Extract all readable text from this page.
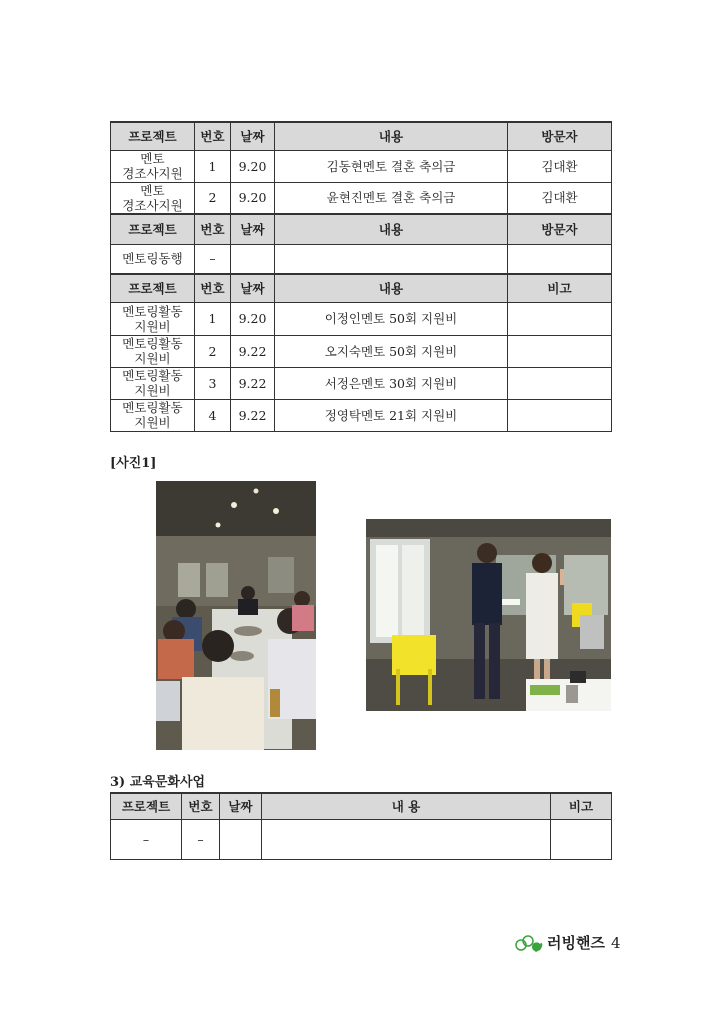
프로젝트	번호	날짜	내용	방문자
멘토
경조사지원	1	9.20	김동현멘토 결혼 축의금	김대환
멘토
경조사지원	2	9.20	윤현진멘토 결혼 축의금	김대환
프로젝트	번호	날짜	내용	방문자
멘토링동행	–			
프로젝트	번호	날짜	내용	비고
멘토링활동
지원비	1	9.20	이정인멘토 50회 지원비	
멘토링활동
지원비	2	9.22	오지숙멘토 50회 지원비	
멘토링활동
지원비	3	9.22	서정은멘토 30회 지원비	
멘토링활동
지원비	4	9.22	정영탁멘토 21회 지원비	
[사진1]
3) 교육문화사업
프로젝트	번호	날짜	내 용	비고
–	–			
러빙핸즈 4
